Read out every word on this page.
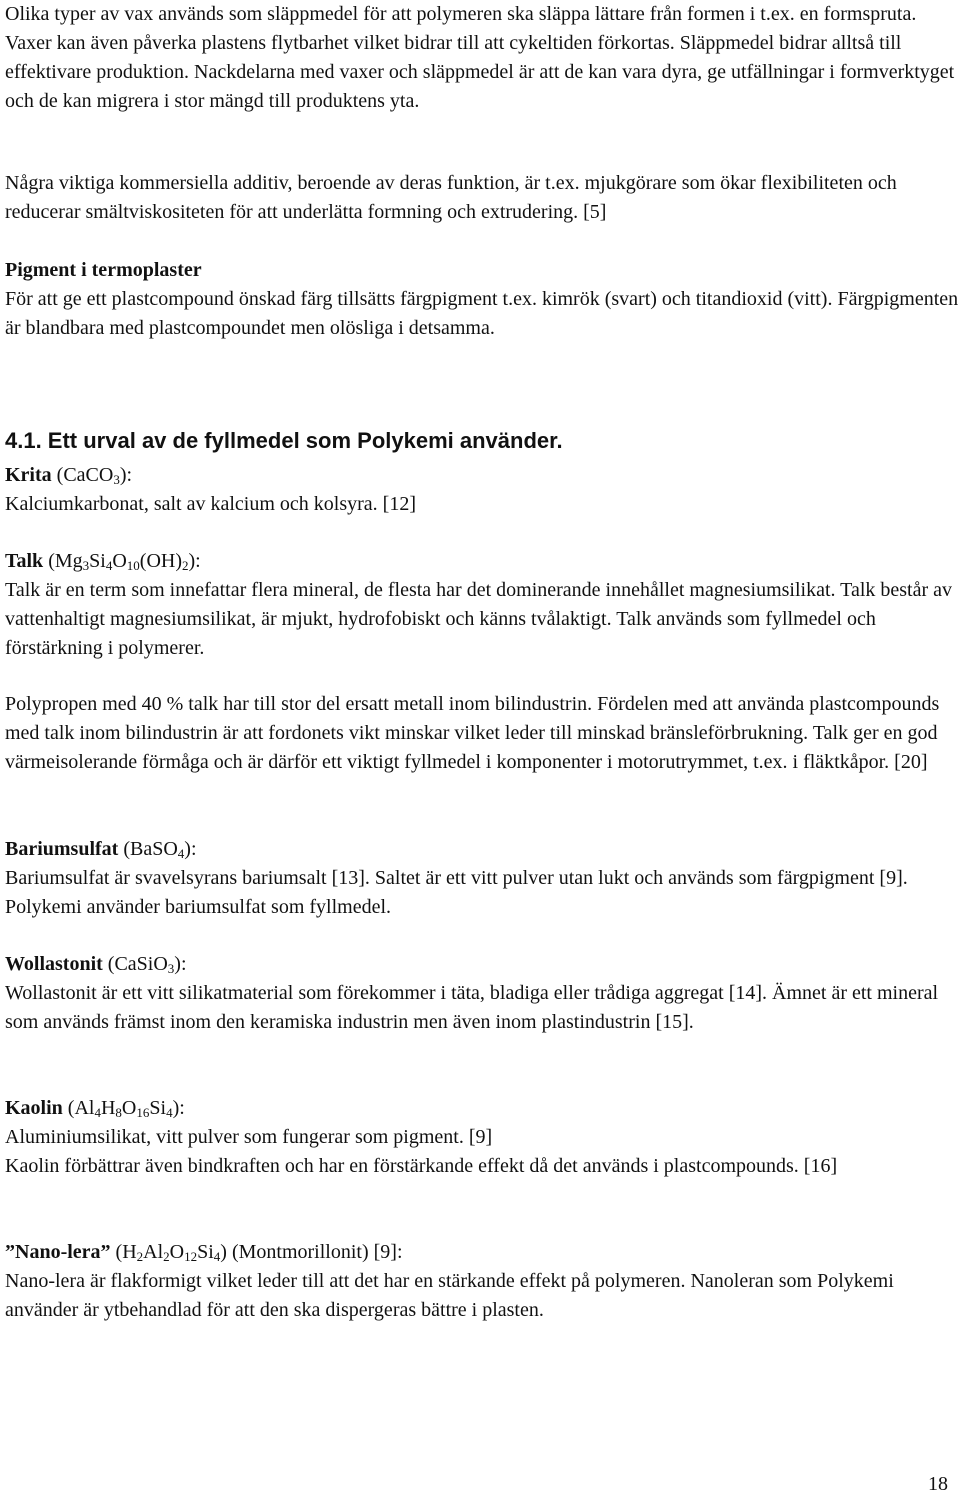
Olika typer av vax används som släppmedel för att polymeren ska släppa lättare från formen i t.ex. en formspruta. Vaxer kan även påverka plastens flytbarhet vilket bidrar till att cykeltiden förkortas. Släppmedel bidrar alltså till effektivare produktion. Nackdelarna med vaxer och släppmedel är att de kan vara dyra, ge utfällningar i formverktyget och de kan migrera i stor mängd till produktens yta.

Några viktiga kommersiella additiv, beroende av deras funktion, är t.ex. mjukgörare som ökar flexibiliteten och reducerar smältviskositeten för att underlätta formning och extrudering. [5]

Pigment i termoplaster
För att ge ett plastcompound önskad färg tillsätts färgpigment t.ex. kimrök (svart) och titandioxid (vitt). Färgpigmenten är blandbara med plastcompoundet men olösliga i detsamma.
4.1. Ett urval av de fyllmedel som Polykemi använder.
Krita (CaCO$_3$):
Kalciumkarbonat, salt av kalcium och kolsyra. [12]
Talk $(Mg_3Si_4O_{10}(OH)_2)$:
Talk är en term som innefattar flera mineral, de flesta har det dominerande innehållet magnesiumsilikat. Talk består av vattenhaltigt magnesiumsilikat, är mjukt, hydrofobiskt och känns tvålaktigt. Talk används som fyllmedel och förstärkning i polymerer.

Polypropen med 40 % talk har till stor del ersatt metall inom bilindustrin. Fördelen med att använda plastcompounds med talk inom bilindustrin är att fordonets vikt minskar vilket leder till minskad bränsleförbrukning. Talk ger en god värmeisolerande förmåga och är därför ett viktigt fyllmedel i komponenter i motorutrymmet, t.ex. i fläktkåpor. [20]

Bariumsulfat (BaSO$_4$):
Bariumsulfat är svavelsyrans bariumsalt [13]. Saltet är ett vitt pulver utan lukt och används som färgpigment [9]. Polykemi använder bariumsulfat som fyllmedel.
Wollastonit (CaSiO$_3$):
Wollastonit är ett vitt silikatmaterial som förekommer i täta, bladiga eller trådiga aggregat [14]. Ämnet är ett mineral som används främst inom den keramiska industrin men även inom plastindustrin [15].
Kaolin $(Al_4H_8O_{16}Si_4)$:
Aluminiumsilikat, vitt pulver som fungerar som pigment. [9]
Kaolin förbättrar även bindkraften och har en förstärkande effekt då det används i plastcompounds. [16]
”Nano-lera” $(H_2Al_2O_{12}Si_4)$ (Montmorillonit) [9]:
Nano-lera är flakformigt vilket leder till att det har en stärkande effekt på polymeren. Nanoleran som Polykemi använder är ytbehandlad för att den ska dispergeras bättre i plasten.
18
